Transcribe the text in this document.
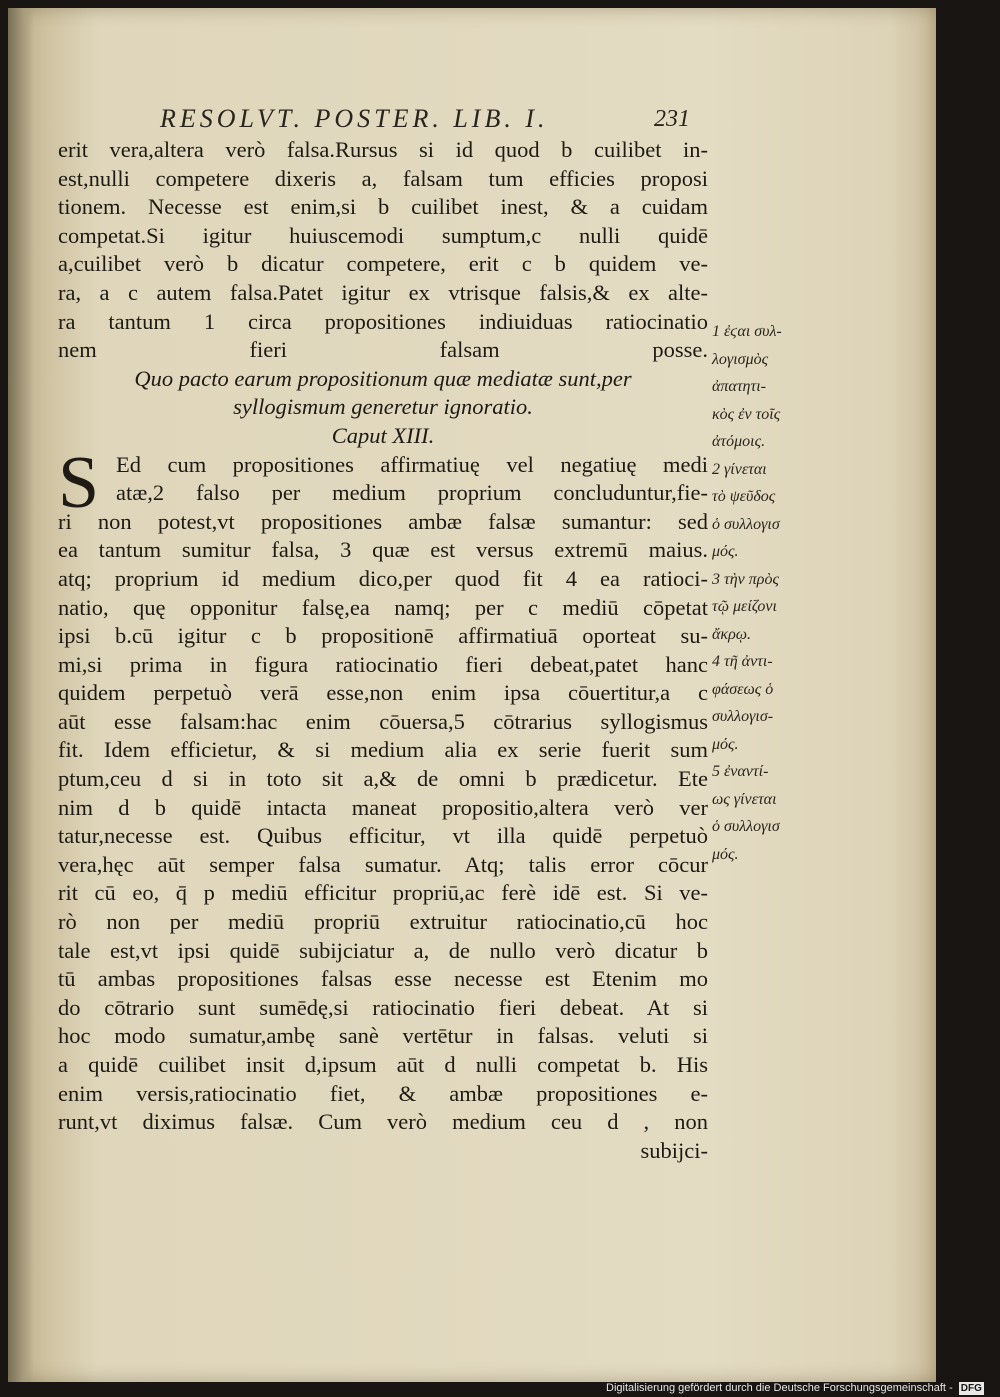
RESOLVT. POSTER. LIB. I.	231
erit vera,altera verò falsa.Rursus si id quod b cuilibet in-
est,nulli competere dixeris a, falsam tum efficies proposi
tionem. Necesse est enim,si b cuilibet inest, & a cuidam
competat.Si igitur huiuscemodi sumptum,c nulli quidē
a,cuilibet verò b dicatur competere, erit c b quidem ve-
ra, a c autem falsa.Patet igitur ex vtrisque falsis,& ex alte-
ra tantum 1 circa propositiones indiuiduas ratiocinatio
nem fieri falsam posse.
Quo pacto earum propositionum quæ mediatæ sunt,per
syllogismum generetur ignoratio.
Caput XIII.
S Ed cum propositiones affirmatiuę vel negatiuę medi
atæ,2 falso per medium proprium concluduntur,fie-
ri non potest,vt propositiones ambæ falsæ sumantur: sed
ea tantum sumitur falsa, 3 quæ est versus extremū maius.
atq; proprium id medium dico,per quod fit 4 ea ratioci-
natio, quę opponitur falsę,ea namq; per c mediū cōpetat
ipsi b.cū igitur c b propositionē affirmatiuā oporteat su-
mi,si prima in figura ratiocinatio fieri debeat,patet hanc
quidem perpetuò verā esse,non enim ipsa cōuertitur,a c
aūt esse falsam:hac enim cōuersa,5 cōtrarius syllogismus
fit. Idem efficietur, & si medium alia ex serie fuerit sum
ptum,ceu d si in toto sit a,& de omni b prædicetur. Ete
nim d b quidē intacta maneat propositio,altera verò ver
tatur,necesse est. Quibus efficitur, vt illa quidē perpetuò
vera,hęc aūt semper falsa sumatur. Atq; talis error cōcur
rit cū eo, q̄ p mediū efficitur propriū,ac ferè idē est. Si ve-
rò non per mediū propriū extruitur ratiocinatio,cū hoc
tale est,vt ipsi quidē subijciatur a, de nullo verò dicatur b
tū ambas propositiones falsas esse necesse est Etenim mo
do cōtrario sunt sumēdę,si ratiocinatio fieri debeat. At si
hoc modo sumatur,ambę sanè vertētur in falsas. veluti si
a quidē cuilibet insit d,ipsum aūt d nulli competat b. His
enim versis,ratiocinatio fiet, & ambæ propositiones e-
runt,vt diximus falsæ. Cum verò medium ceu d , non
subijci-
1 ἐϛαι συλ-
λογισμὸς
ἀπατητι-
κὸς ἐν τοῖς
ἀτόμοις.
2 γίνεται
τὸ ψεῦδος
ὁ συλλογισ
μός.
3 τὴν πρὸς
τῷ μείζονι
ἄκρῳ.
4 τῆ ἀντι-
φάσεως ὁ
συλλογισ-
μός.
5 ἐναντί-
ως γίνεται
ὁ συλλογισ
μός.
Digitalisierung gefördert durch die Deutsche Forschungsgemeinschaft - DFG
